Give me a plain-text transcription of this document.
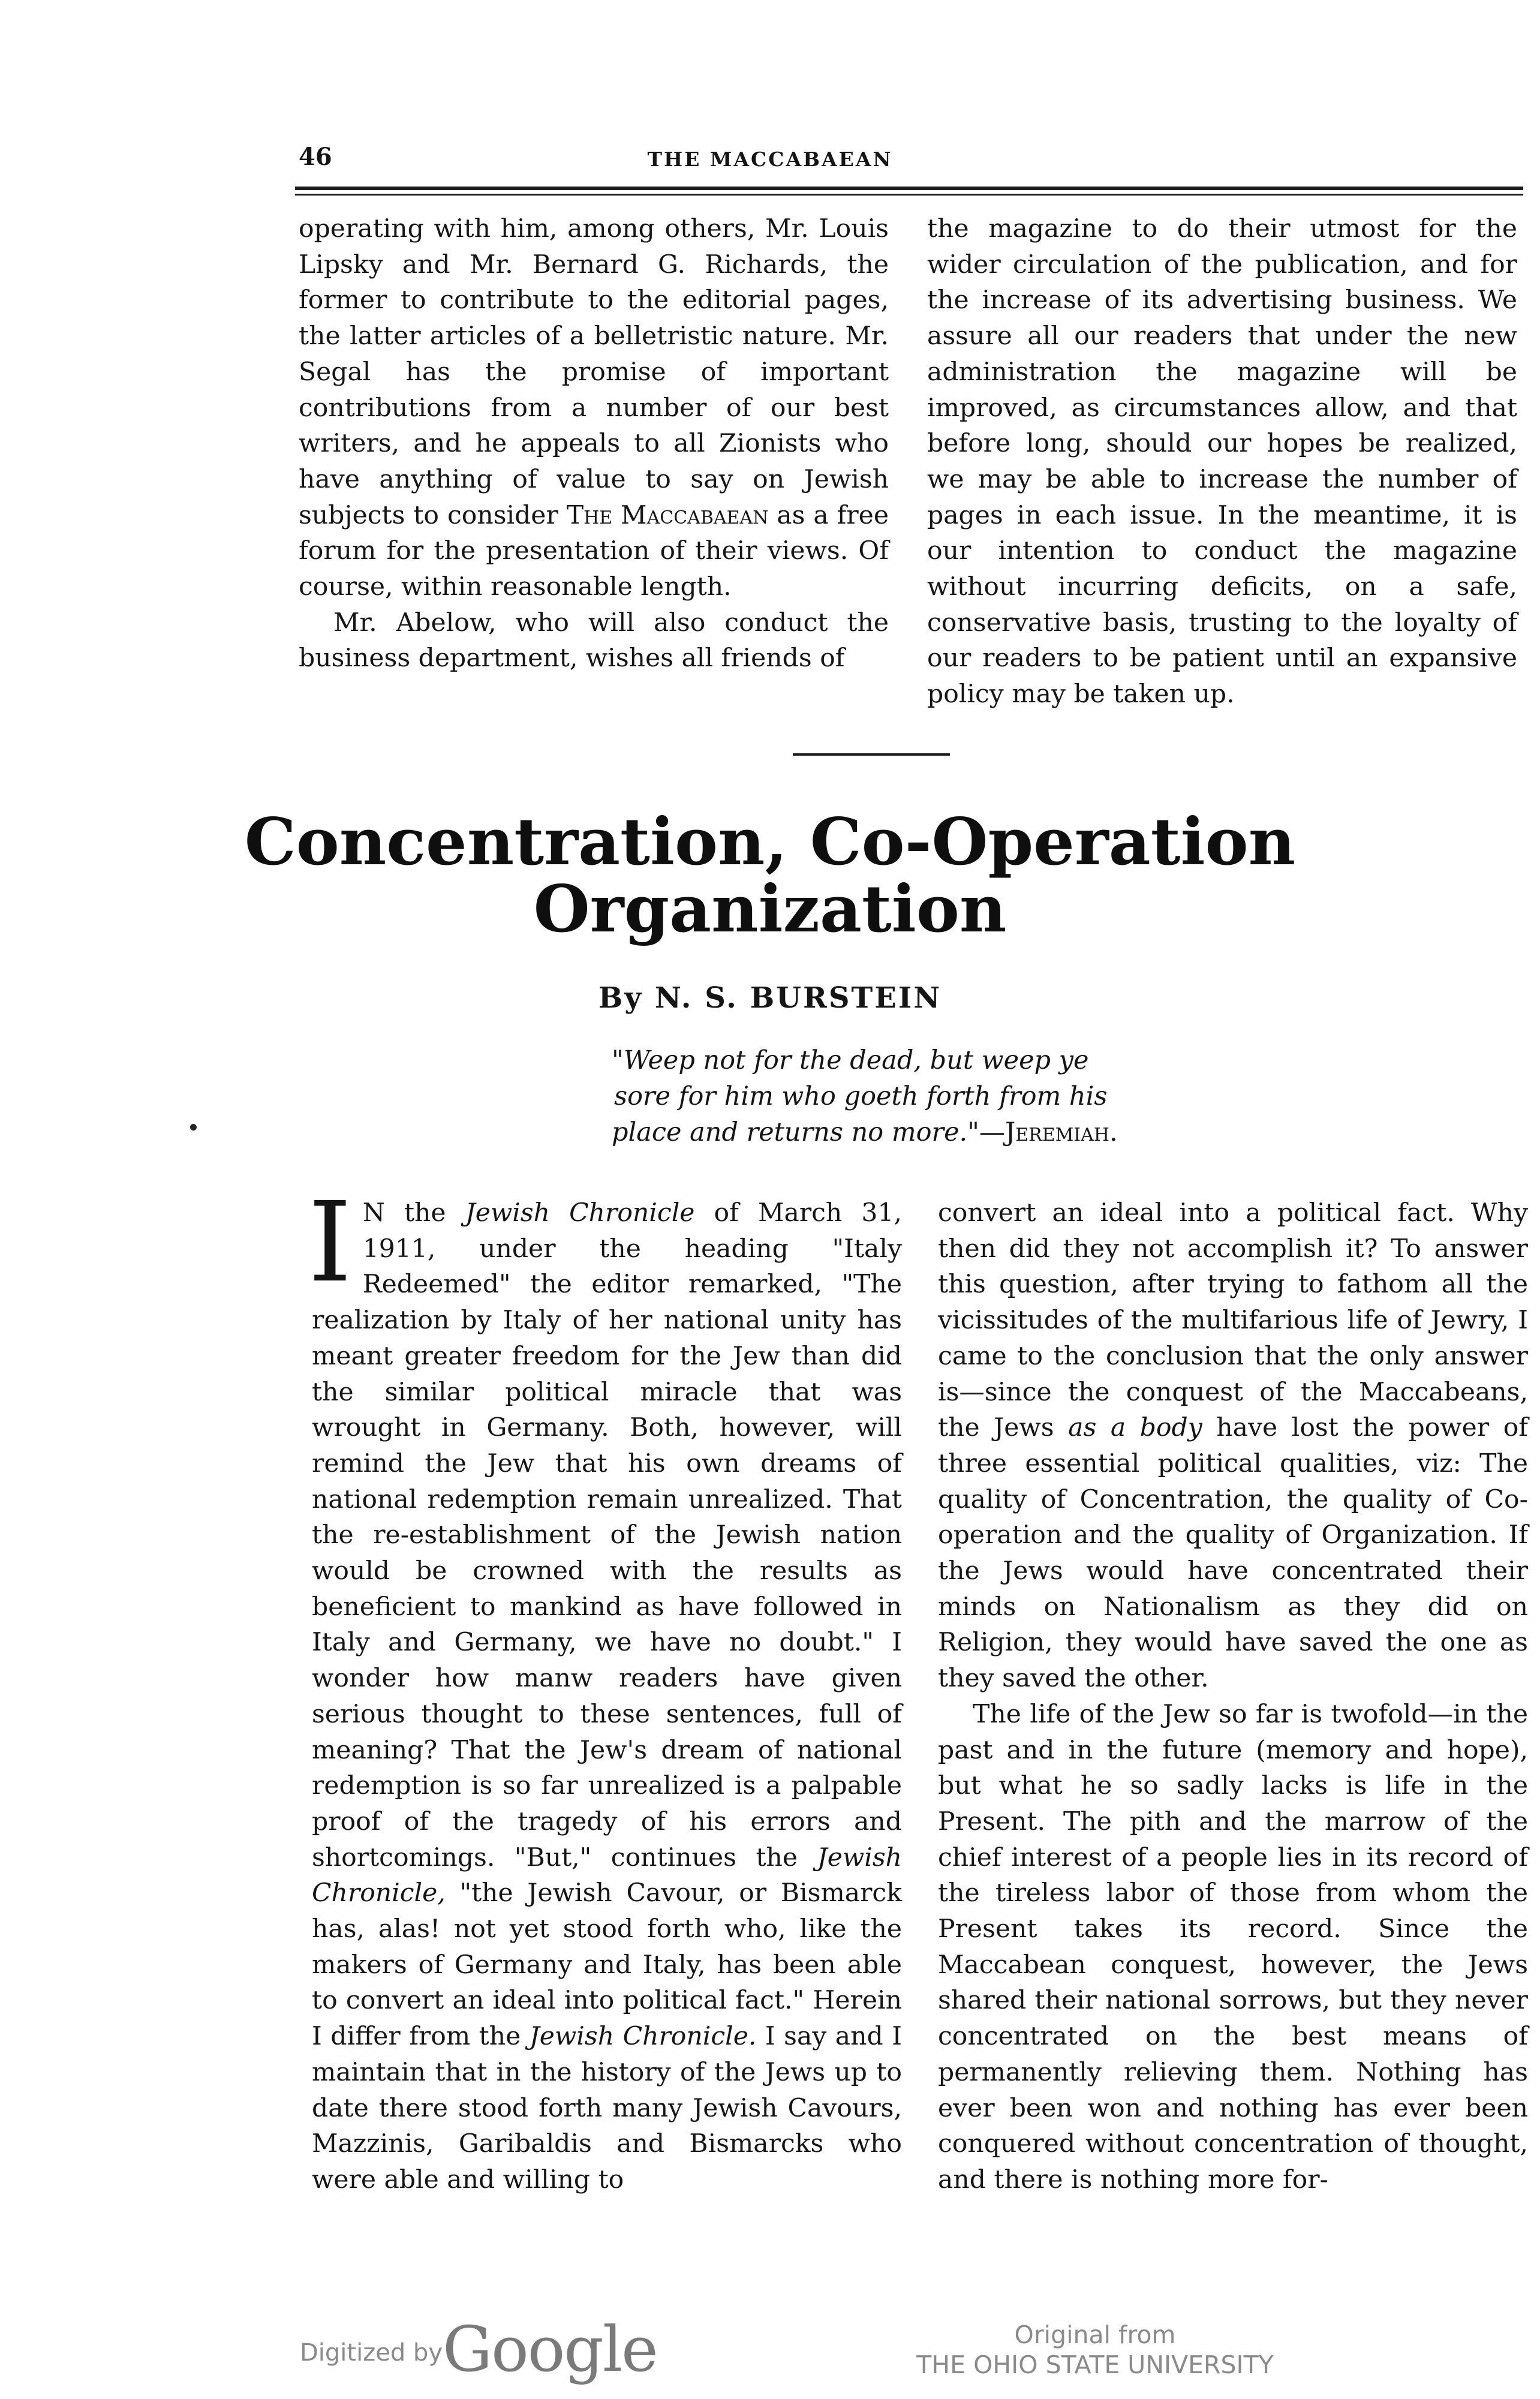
46	THE MACCABAEAN

operating with him, among others, Mr. Louis Lipsky and Mr. Bernard G. Richards, the former to contribute to the editorial pages, the latter articles of a belletristic nature. Mr. Segal has the promise of important contributions from a number of our best writers, and he appeals to all Zionists who have anything of value to say on Jewish subjects to consider The Maccabaean as a free forum for the presentation of their views. Of course, within reasonable length.

Mr. Abelow, who will also conduct the business department, wishes all friends of

the magazine to do their utmost for the wider circulation of the publication, and for the increase of its advertising business. We assure all our readers that under the new administration the magazine will be improved, as circumstances allow, and that before long, should our hopes be realized, we may be able to increase the number of pages in each issue. In the meantime, it is our intention to conduct the magazine without incurring deficits, on a safe, conservative basis, trusting to the loyalty of our readers to be patient until an expansive policy may be taken up.

Concentration, Co-Operation
Organization
By N. S. BURSTEIN
"Weep not for the dead, but weep ye
sore for him who goeth forth from his
place and returns no more."—Jeremiah.

I N the Jewish Chronicle of March 31, 1911, under the heading "Italy Redeemed" the editor remarked, "The realization by Italy of her national unity has meant greater freedom for the Jew than did the similar political miracle that was wrought in Germany. Both, however, will remind the Jew that his own dreams of national redemption remain unrealized. That the re-establishment of the Jewish nation would be crowned with the results as beneficient to mankind as have followed in Italy and Germany, we have no doubt." I wonder how manw readers have given serious thought to these sentences, full of meaning? That the Jew's dream of national redemption is so far unrealized is a palpable proof of the tragedy of his errors and shortcomings. "But," continues the Jewish Chronicle, "the Jewish Cavour, or Bismarck has, alas! not yet stood forth who, like the makers of Germany and Italy, has been able to convert an ideal into political fact." Herein I differ from the Jewish Chronicle. I say and I maintain that in the history of the Jews up to date there stood forth many Jewish Cavours, Mazzinis, Garibaldis and Bismarcks who were able and willing to

convert an ideal into a political fact. Why then did they not accomplish it? To answer this question, after trying to fathom all the vicissitudes of the multifarious life of Jewry, I came to the conclusion that the only answer is—since the conquest of the Maccabeans, the Jews as a body have lost the power of three essential political qualities, viz: The quality of Concentration, the quality of Co-operation and the quality of Organization. If the Jews would have concentrated their minds on Nationalism as they did on Religion, they would have saved the one as they saved the other.

The life of the Jew so far is twofold—in the past and in the future (memory and hope), but what he so sadly lacks is life in the Present. The pith and the marrow of the chief interest of a people lies in its record of the tireless labor of those from whom the Present takes its record. Since the Maccabean conquest, however, the Jews shared their national sorrows, but they never concentrated on the best means of permanently relieving them. Nothing has ever been won and nothing has ever been conquered without concentration of thought, and there is nothing more for-

Digitized by Google	Original from
THE OHIO STATE UNIVERSITY
